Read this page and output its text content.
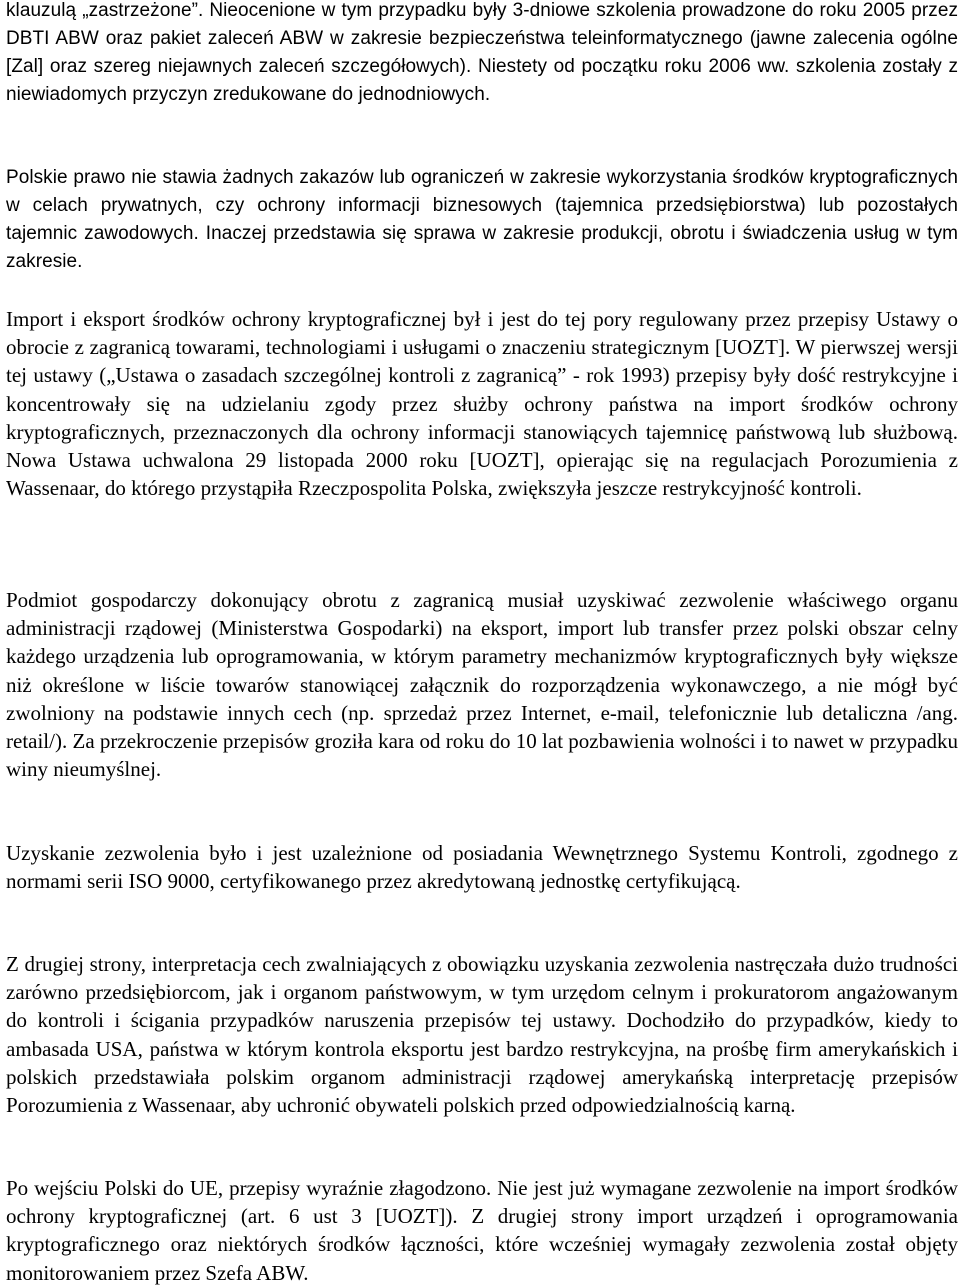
klauzulą „zastrzeżone”. Nieocenione w tym przypadku były 3-dniowe szkolenia prowadzone do roku 2005 przez DBTI ABW oraz pakiet zaleceń ABW w zakresie bezpieczeństwa teleinformatycznego (jawne zalecenia ogólne [Zal] oraz szereg niejawnych zaleceń szczegółowych). Niestety od początku roku 2006 ww. szkolenia zostały z niewiadomych przyczyn zredukowane do jednodniowych.

Polskie prawo nie stawia żadnych zakazów lub ograniczeń w zakresie wykorzystania środków kryptograficznych w celach prywatnych, czy ochrony informacji biznesowych (tajemnica przedsiębiorstwa) lub pozostałych tajemnic zawodowych. Inaczej przedstawia się sprawa w zakresie produkcji, obrotu i świadczenia usług w tym zakresie.

Import i eksport środków ochrony kryptograficznej był i jest do tej pory regulowany przez przepisy Ustawy o obrocie z zagranicą towarami, technologiami i usługami o znaczeniu strategicznym [UOZT]. W pierwszej wersji tej ustawy („Ustawa o zasadach szczególnej kontroli z zagranicą” - rok 1993) przepisy były dość restrykcyjne i koncentrowały się na udzielaniu zgody przez służby ochrony państwa na import środków ochrony kryptograficznych, przeznaczonych dla ochrony informacji stanowiących tajemnicę państwową lub służbową. Nowa Ustawa uchwalona 29 listopada 2000 roku [UOZT], opierając się na regulacjach Porozumienia z Wassenaar, do którego przystąpiła Rzeczpospolita Polska, zwiększyła jeszcze restrykcyjność kontroli.

Podmiot gospodarczy dokonujący obrotu z zagranicą musiał uzyskiwać zezwolenie właściwego organu administracji rządowej (Ministerstwa Gospodarki) na eksport, import lub transfer przez polski obszar celny każdego urządzenia lub oprogramowania, w którym parametry mechanizmów kryptograficznych były większe niż określone w liście towarów stanowiącej załącznik do rozporządzenia wykonawczego, a nie mógł być zwolniony na podstawie innych cech (np. sprzedaż przez Internet, e-mail, telefonicznie lub detaliczna /ang. retail/). Za przekroczenie przepisów groziła kara od roku do 10 lat pozbawienia wolności i to nawet w przypadku winy nieumyślnej.

Uzyskanie zezwolenia było i jest uzależnione od posiadania Wewnętrznego Systemu Kontroli, zgodnego z normami serii ISO 9000, certyfikowanego przez akredytowaną jednostkę certyfikującą.

Z drugiej strony, interpretacja cech zwalniających z obowiązku uzyskania zezwolenia nastręczała dużo trudności zarówno przedsiębiorcom, jak i organom państwowym, w tym urzędom celnym i prokuratorom angażowanym do kontroli i ścigania przypadków naruszenia przepisów tej ustawy. Dochodziło do przypadków, kiedy to ambasada USA, państwa w którym kontrola eksportu jest bardzo restrykcyjna, na prośbę firm amerykańskich i polskich przedstawiała polskim organom administracji rządowej amerykańską interpretację przepisów Porozumienia z Wassenaar, aby uchronić obywateli polskich przed odpowiedzialnością karną.

Po wejściu Polski do UE, przepisy wyraźnie złagodzono. Nie jest już wymagane zezwolenie na import środków ochrony kryptograficznej (art. 6 ust 3 [UOZT]). Z drugiej strony import urządzeń i oprogramowania kryptograficznego oraz niektórych środków łączności, które wcześniej wymagały zezwolenia został objęty monitorowaniem przez Szefa ABW.
